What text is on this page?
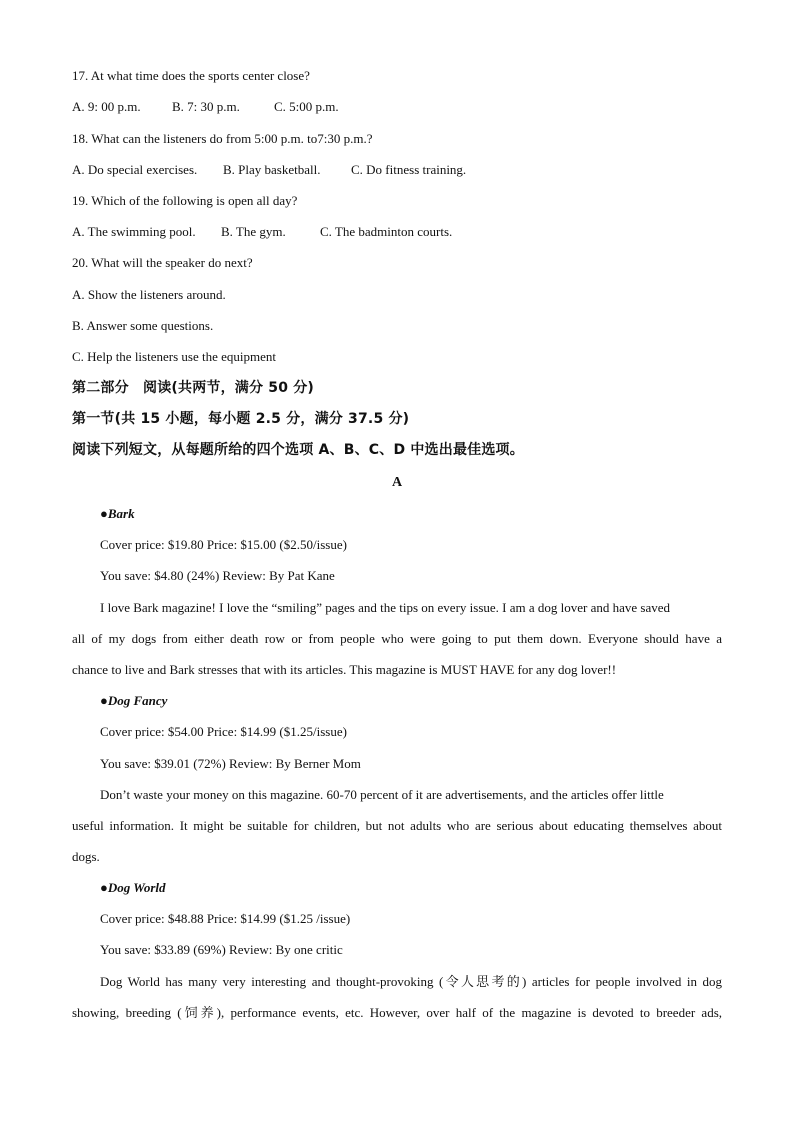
17. At what time does the sports center close?
A. 9: 00 p.m. B. 7: 30 p.m.	C. 5:00 p.m.
18. What can the listeners do from 5:00 p.m. to7:30 p.m.?
A. Do special exercises. B. Play basketball. C. Do fitness training.
19. Which of the following is open all day?
A. The swimming pool. B. The gym.	C. The badminton courts.
20. What will the speaker do next?
A. Show the listeners around.
B. Answer some questions.
C. Help the listeners use the equipment
第二部分　阅读(共两节，满分 50 分)
第一节(共 15 小题，每小题 2.5 分，满分 37.5 分)
阅读下列短文，从每题所给的四个选项 A、B、C、D 中选出最佳选项。
A
●Bark
Cover price: $19.80 Price: $15.00 ($2.50/issue)
You save: $4.80 (24%) Review: By Pat Kane
I love Bark magazine! I love the “smiling” pages and the tips on every issue. I am a dog lover and have saved
all of my dogs from either death row or from people who were going to put them down. Everyone should have a
chance to live and Bark stresses that with its articles. This magazine is MUST HAVE for any dog lover!!
●Dog Fancy
Cover price: $54.00 Price: $14.99 ($1.25/issue)
You save: $39.01 (72%) Review: By Berner Mom
Don’t waste your money on this magazine. 60-70 percent of it are advertisements, and the articles offer little
useful information. It might be suitable for children, but not adults who are serious about educating themselves about
dogs.
●Dog World
Cover price: $48.88 Price: $14.99 ($1.25 /issue)
You save: $33.89 (69%) Review: By one critic
Dog World has many very interesting and thought-provoking (令人思考的) articles for people involved in dog
showing, breeding (饲养), performance events, etc. However, over half of the magazine is devoted to breeder ads,
